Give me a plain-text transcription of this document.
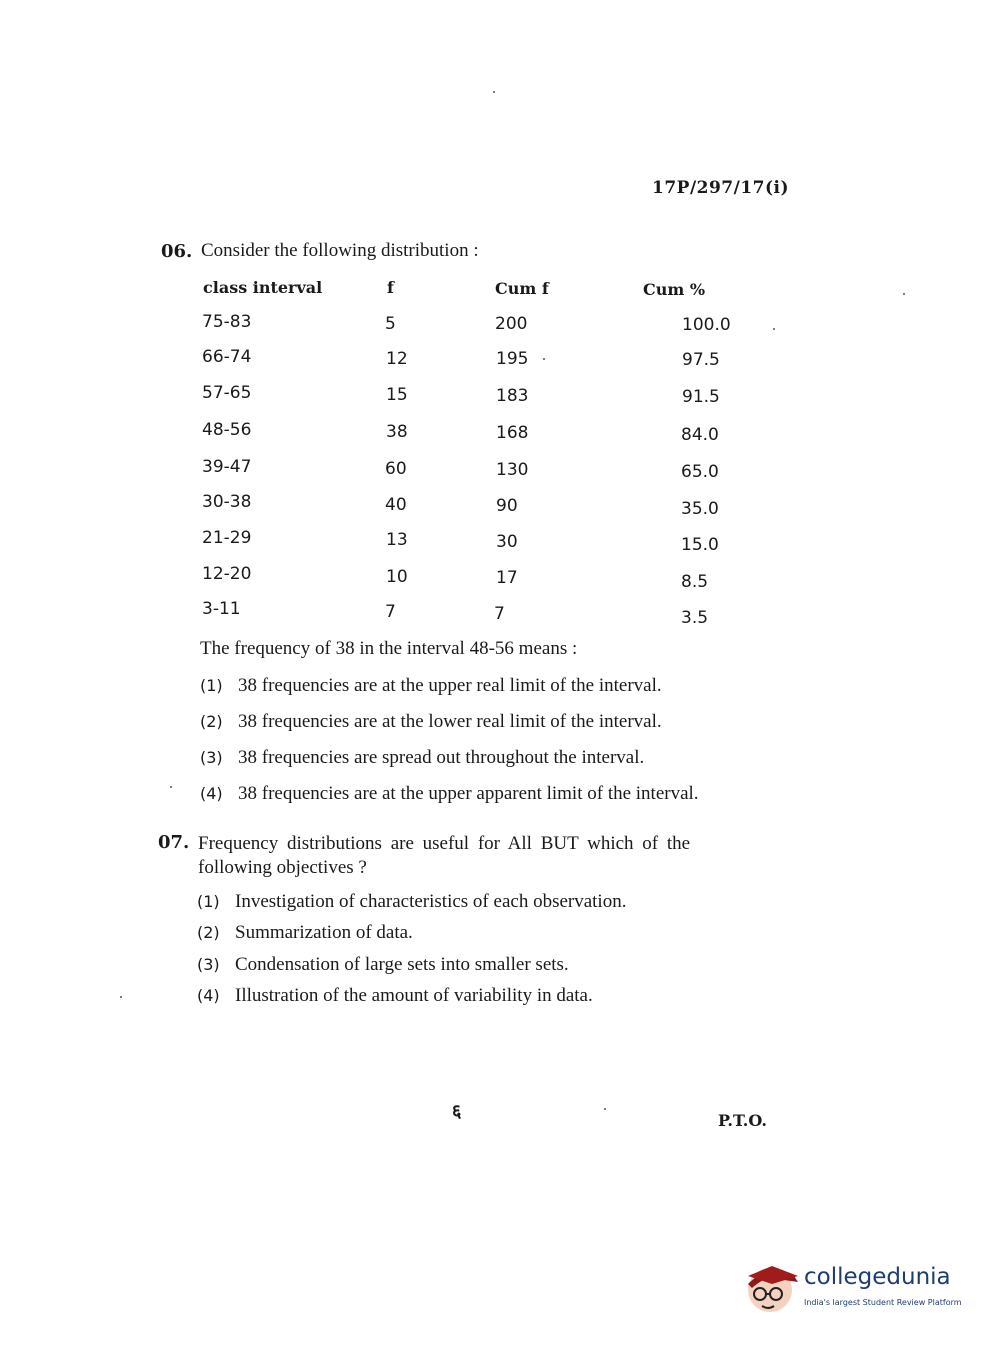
17P/297/17(i)
06. Consider the following distribution :
class interval	f	Cum f	Cum %
75-83	5	200	100.0
66-74	12	195	97.5
57-65	15	183	91.5
48-56	38	168	84.0
39-47	60	130	65.0
30-38	40	90	35.0
21-29	13	30	15.0
12-20	10	17	8.5
3-11	7	7	3.5
The frequency of 38 in the interval 48-56 means :
(1) 38 frequencies are at the upper real limit of the interval.
(2) 38 frequencies are at the lower real limit of the interval.
(3) 38 frequencies are spread out throughout the interval.
(4) 38 frequencies are at the upper apparent limit of the interval.
07. Frequency distributions are useful for All BUT which of the
following objectives ?
(1) Investigation of characteristics of each observation.
(2) Summarization of data.
(3) Condensation of large sets into smaller sets.
(4) Illustration of the amount of variability in data.
६	P.T.O.
collegedunia
India's largest Student Review Platform
